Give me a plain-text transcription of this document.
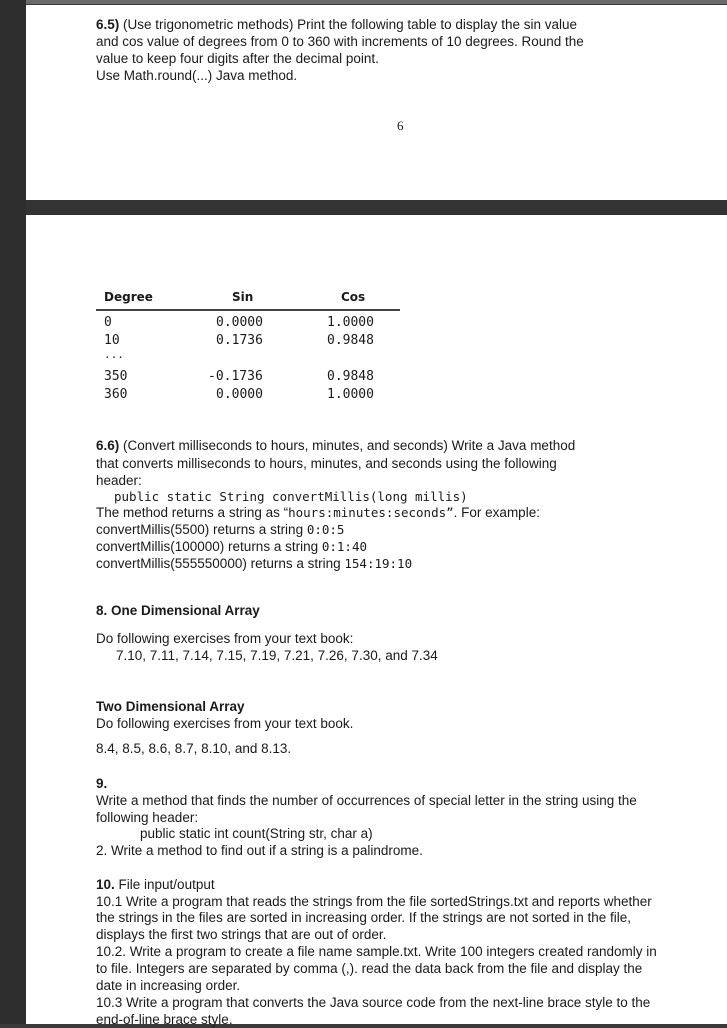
6.5) (Use trigonometric methods) Print the following table to display the sin value
and cos value of degrees from 0 to 360 with increments of 10 degrees. Round the
value to keep four digits after the decimal point.
Use Math.round(...) Java method.
6
Degree	Sin	Cos
0	0.0000	1.0000
10	0.1736	0.9848
...
350	-0.1736	0.9848
360	0.0000	1.0000
6.6) (Convert milliseconds to hours, minutes, and seconds) Write a Java method
that converts milliseconds to hours, minutes, and seconds using the following
header:
public static String convertMillis(long millis)
The method returns a string as “hours:minutes:seconds”. For example:
convertMillis(5500) returns a string 0:0:5
convertMillis(100000) returns a string 0:1:40
convertMillis(555550000) returns a string 154:19:10
8. One Dimensional Array
Do following exercises from your text book:
7.10, 7.11, 7.14, 7.15, 7.19, 7.21, 7.26, 7.30, and 7.34
Two Dimensional Array
Do following exercises from your text book.
8.4, 8.5, 8.6, 8.7, 8.10, and 8.13.
9.
Write a method that finds the number of occurrences of special letter in the string using the
following header:
public static int count(String str, char a)
2. Write a method to find out if a string is a palindrome.
10. File input/output
10.1 Write a program that reads the strings from the file sortedStrings.txt and reports whether
the strings in the files are sorted in increasing order. If the strings are not sorted in the file,
displays the first two strings that are out of order.
10.2. Write a program to create a file name sample.txt. Write 100 integers created randomly in
to file. Integers are separated by comma (,). read the data back from the file and display the
date in increasing order.
10.3 Write a program that converts the Java source code from the next-line brace style to the
end-of-line brace style.
